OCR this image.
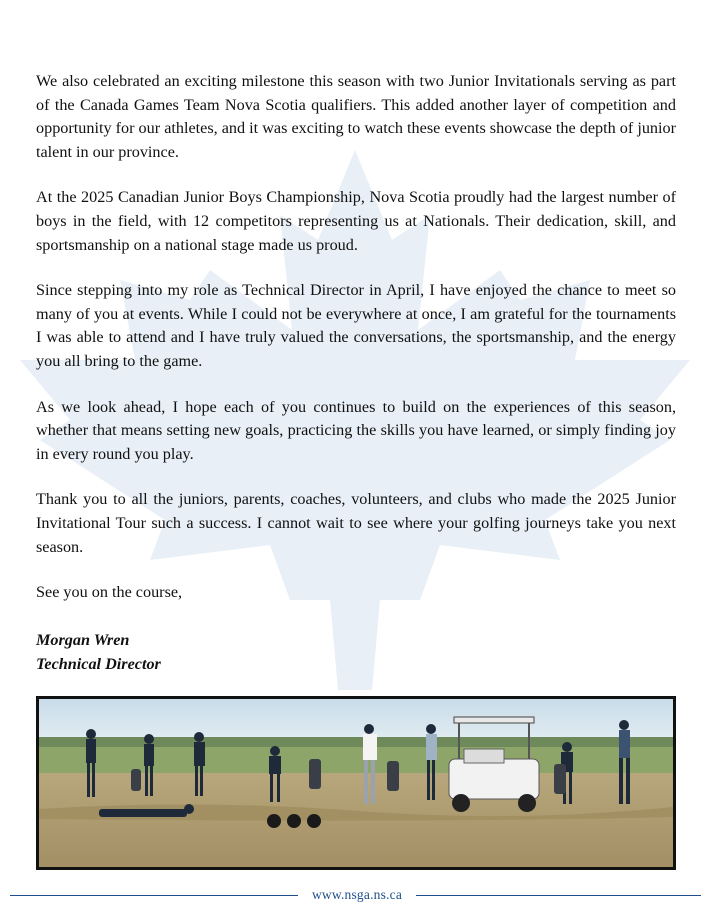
We also celebrated an exciting milestone this season with two Junior Invitationals serving as part of the Canada Games Team Nova Scotia qualifiers. This added another layer of competition and opportunity for our athletes, and it was exciting to watch these events showcase the depth of junior talent in our province.

At the 2025 Canadian Junior Boys Championship, Nova Scotia proudly had the largest number of boys in the field, with 12 competitors representing us at Nationals. Their dedication, skill, and sportsmanship on a national stage made us proud.

Since stepping into my role as Technical Director in April, I have enjoyed the chance to meet so many of you at events. While I could not be everywhere at once, I am grateful for the tournaments I was able to attend and I have truly valued the conversations, the sportsmanship, and the energy you all bring to the game.

As we look ahead, I hope each of you continues to build on the experiences of this season, whether that means setting new goals, practicing the skills you have learned, or simply finding joy in every round you play.

Thank you to all the juniors, parents, coaches, volunteers, and clubs who made the 2025 Junior Invitational Tour such a success. I cannot wait to see where your golfing journeys take you next season.

See you on the course,

Morgan Wren
Technical Director
www.nsga.ns.ca
